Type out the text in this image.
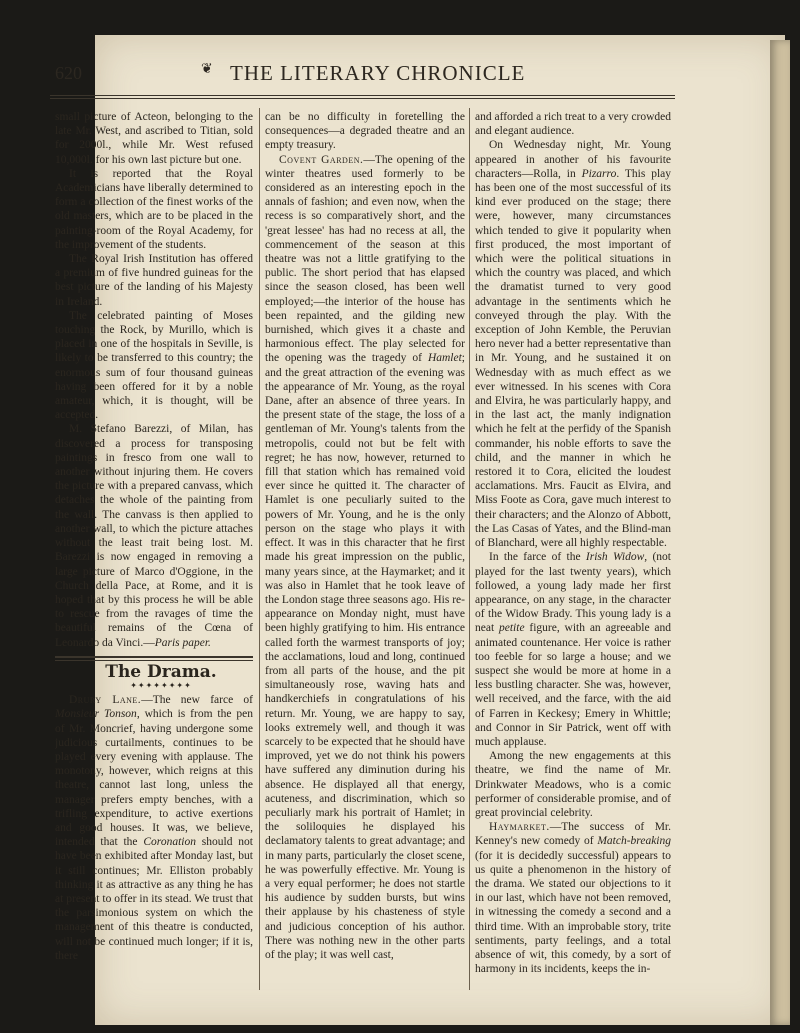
620	❦ THE LITERARY CHRONICLE

small picture of Acteon, belonging to the late Mr. West, and ascribed to Titian, sold for 2000l., while Mr. West refused 10,000l. for his own last picture but one.

It is reported that the Royal Academicians have liberally determined to form a collection of the finest works of the old masters, which are to be placed in the painting-room of the Royal Academy, for the improvement of the students.

The Royal Irish Institution has offered a premium of five hundred guineas for the best picture of the landing of his Majesty in Ireland.

The celebrated painting of Moses touching the Rock, by Murillo, which is placed in one of the hospitals in Seville, is likely to be transferred to this country; the enormous sum of four thousand guineas having been offered for it by a noble amateur, which, it is thought, will be accepted.

M. Stefano Barezzi, of Milan, has discovered a process for transposing paintings in fresco from one wall to another without injuring them. He covers the picture with a prepared canvass, which detaches the whole of the painting from the wall. The canvass is then applied to another wall, to which the picture attaches without the least trait being lost. M. Barezzi is now engaged in removing a large picture of Marco d'Oggione, in the Church della Pace, at Rome, and it is hoped that by this process he will be able to rescue from the ravages of time the beautiful remains of the Cœna of Leonardo da Vinci.—Paris paper.

The Drama.

✦✦✦✦✦✦✦✦

Drury Lane.—The new farce of Monsieur Tonson, which is from the pen of Mr. Moncrief, having undergone some judicious curtailments, continues to be played every evening with applause. The monotony, however, which reigns at this theatre, cannot last long, unless the manager prefers empty benches, with a trifling expenditure, to active exertions and good houses. It was, we believe, intended that the Coronation should not have been exhibited after Monday last, but it still continues; Mr. Elliston probably thinking it as attractive as any thing he has at present to offer in its stead. We trust that the parsimonious system on which the management of this theatre is conducted, will not be continued much longer; if it is, there

can be no difficulty in foretelling the consequences—a degraded theatre and an empty treasury.

Covent Garden.—The opening of the winter theatres used formerly to be considered as an interesting epoch in the annals of fashion; and even now, when the recess is so comparatively short, and the 'great lessee' has had no recess at all, the commencement of the season at this theatre was not a little gratifying to the public. The short period that has elapsed since the season closed, has been well employed;—the interior of the house has been repainted, and the gilding new burnished, which gives it a chaste and harmonious effect. The play selected for the opening was the tragedy of Hamlet; and the great attraction of the evening was the appearance of Mr. Young, as the royal Dane, after an absence of three years. In the present state of the stage, the loss of a gentleman of Mr. Young's talents from the metropolis, could not but be felt with regret; he has now, however, returned to fill that station which has remained void ever since he quitted it. The character of Hamlet is one peculiarly suited to the powers of Mr. Young, and he is the only person on the stage who plays it with effect. It was in this character that he first made his great impression on the public, many years since, at the Haymarket; and it was also in Hamlet that he took leave of the London stage three seasons ago. His re-appearance on Monday night, must have been highly gratifying to him. His entrance called forth the warmest transports of joy; the acclamations, loud and long, continued from all parts of the house, and the pit simultaneously rose, waving hats and handkerchiefs in congratulations of his return. Mr. Young, we are happy to say, looks extremely well, and though it was scarcely to be expected that he should have improved, yet we do not think his powers have suffered any diminution during his absence. He displayed all that energy, acuteness, and discrimination, which so peculiarly mark his portrait of Hamlet; in the soliloquies he displayed his declamatory talents to great advantage; and in many parts, particularly the closet scene, he was powerfully effective. Mr. Young is a very equal performer; he does not startle his audience by sudden bursts, but wins their applause by his chasteness of style and judicious conception of his author. There was nothing new in the other parts of the play; it was well cast,

and afforded a rich treat to a very crowded and elegant audience.

On Wednesday night, Mr. Young appeared in another of his favourite characters—Rolla, in Pizarro. This play has been one of the most successful of its kind ever produced on the stage; there were, however, many circumstances which tended to give it popularity when first produced, the most important of which were the political situations in which the country was placed, and which the dramatist turned to very good advantage in the sentiments which he conveyed through the play. With the exception of John Kemble, the Peruvian hero never had a better representative than in Mr. Young, and he sustained it on Wednesday with as much effect as we ever witnessed. In his scenes with Cora and Elvira, he was particularly happy, and in the last act, the manly indignation which he felt at the perfidy of the Spanish commander, his noble efforts to save the child, and the manner in which he restored it to Cora, elicited the loudest acclamations. Mrs. Faucit as Elvira, and Miss Foote as Cora, gave much interest to their characters; and the Alonzo of Abbott, the Las Casas of Yates, and the Blind-man of Blanchard, were all highly respectable.

In the farce of the Irish Widow, (not played for the last twenty years), which followed, a young lady made her first appearance, on any stage, in the character of the Widow Brady. This young lady is a neat petite figure, with an agreeable and animated countenance. Her voice is rather too feeble for so large a house; and we suspect she would be more at home in a less bustling character. She was, however, well received, and the farce, with the aid of Farren in Keckesy; Emery in Whittle; and Connor in Sir Patrick, went off with much applause.

Among the new engagements at this theatre, we find the name of Mr. Drinkwater Meadows, who is a comic performer of considerable promise, and of great provincial celebrity.

Haymarket.—The success of Mr. Kenney's new comedy of Match-breaking (for it is decidedly successful) appears to us quite a phenomenon in the history of the drama. We stated our objections to it in our last, which have not been removed, in witnessing the comedy a second and a third time. With an improbable story, trite sentiments, party feelings, and a total absence of wit, this comedy, by a sort of harmony in its incidents, keeps the in-
